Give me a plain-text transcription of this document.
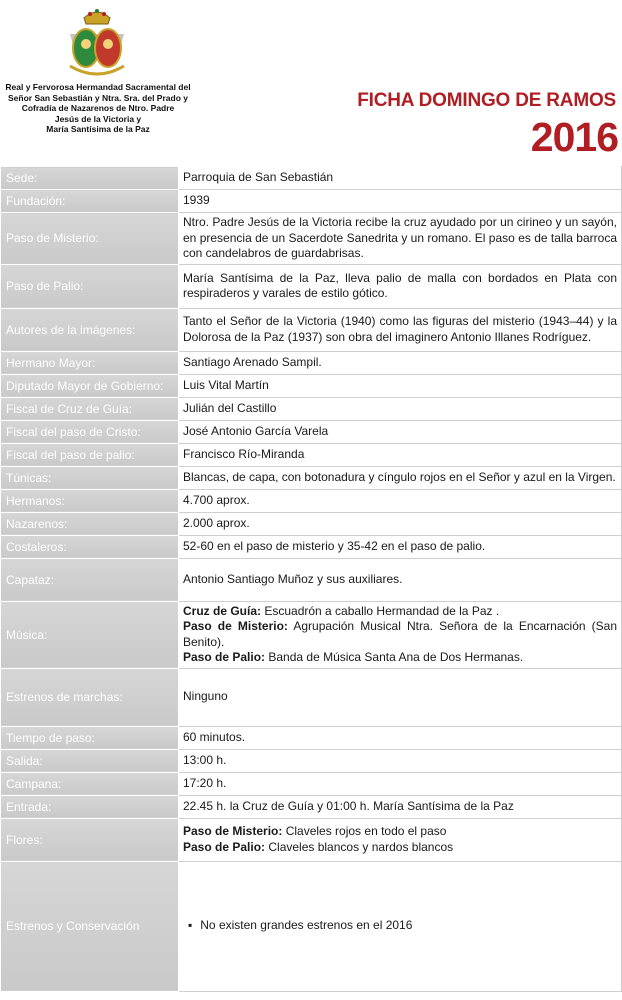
Real y Fervorosa Hermandad Sacramental del
Señor San Sebastián y Ntra. Sra. del Prado y
Cofradía de Nazarenos de Ntro. Padre
Jesús de la Victoria y
María Santísima de la Paz
FICHA DOMINGO DE RAMOS
2016
Sede:	Parroquia de San Sebastián
Fundación:	1939
Paso de Misterio:	Ntro. Padre Jesús de la Victoria recibe la cruz ayudado por un cirineo y un sayón, en presencia de un Sacerdote Sanedrita y un romano. El paso es de talla barroca con candelabros de guardabrisas.
Paso de Palio:	María Santísima de la Paz, lleva palio de malla con bordados en Plata con respiraderos y varales de estilo gótico.
Autores de la imágenes:	Tanto el Señor de la Victoria (1940) como las figuras del misterio (1943–44) y la Dolorosa de la Paz (1937) son obra del imaginero Antonio Illanes Rodríguez.
Hermano Mayor:	Santiago Arenado Sampil.
Diputado Mayor de Gobierno:	Luis Vital Martín
Fiscal de Cruz de Guía:	Julián del Castillo
Fiscal del paso de Cristo:	José Antonio García Varela
Fiscal del paso de palio:	Francisco Río-Miranda
Túnicas:	Blancas, de capa, con botonadura y cíngulo rojos en el Señor y azul en la Virgen.
Hermanos:	4.700 aprox.
Nazarenos:	2.000 aprox.
Costaleros:	52-60 en el paso de misterio y 35-42 en el paso de palio.
Capataz:	Antonio Santiago Muñoz y sus auxiliares.
Música:	Cruz de Guía: Escuadrón a caballo Hermandad de la Paz .
Paso de Misterio: Agrupación Musical Ntra. Señora de la Encarnación (San Benito).
Paso de Palio: Banda de Música Santa Ana de Dos Hermanas.

Estrenos de marchas:	Ninguno
Tiempo de paso:	60 minutos.
Salida:	13:00 h.
Campana:	17:20 h.
Entrada:	22.45 h. la Cruz de Guía y 01:00 h. María Santísima de la Paz
Flores:	Paso de Misterio: Claveles rojos en todo el paso
Paso de Palio: Claveles blancos y nardos blancos

Estrenos y Conservación	▪ No existen grandes estrenos en el 2016
